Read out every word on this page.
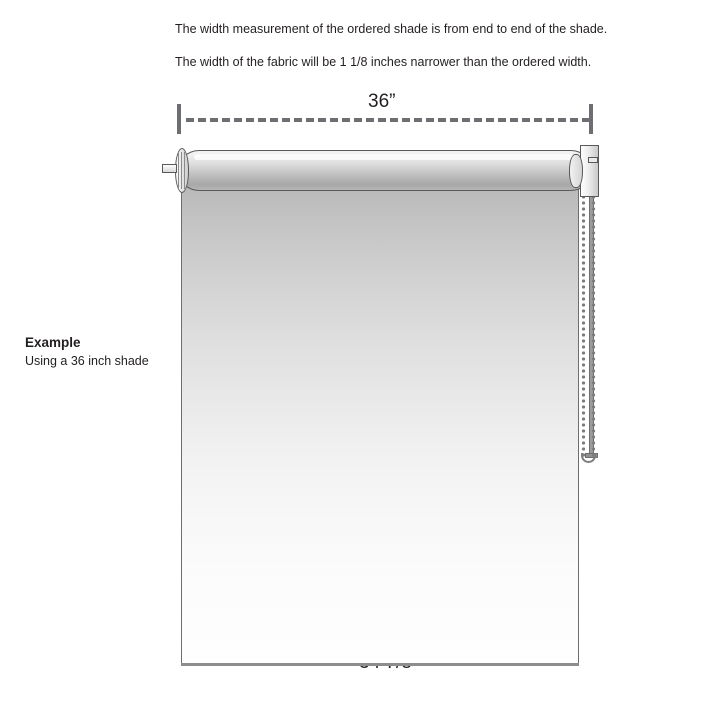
The width measurement of the ordered shade is from end to end of the shade.
The width of the fabric will be 1 1/8 inches narrower than the ordered width.
Example
Using a 36 inch shade
36”
